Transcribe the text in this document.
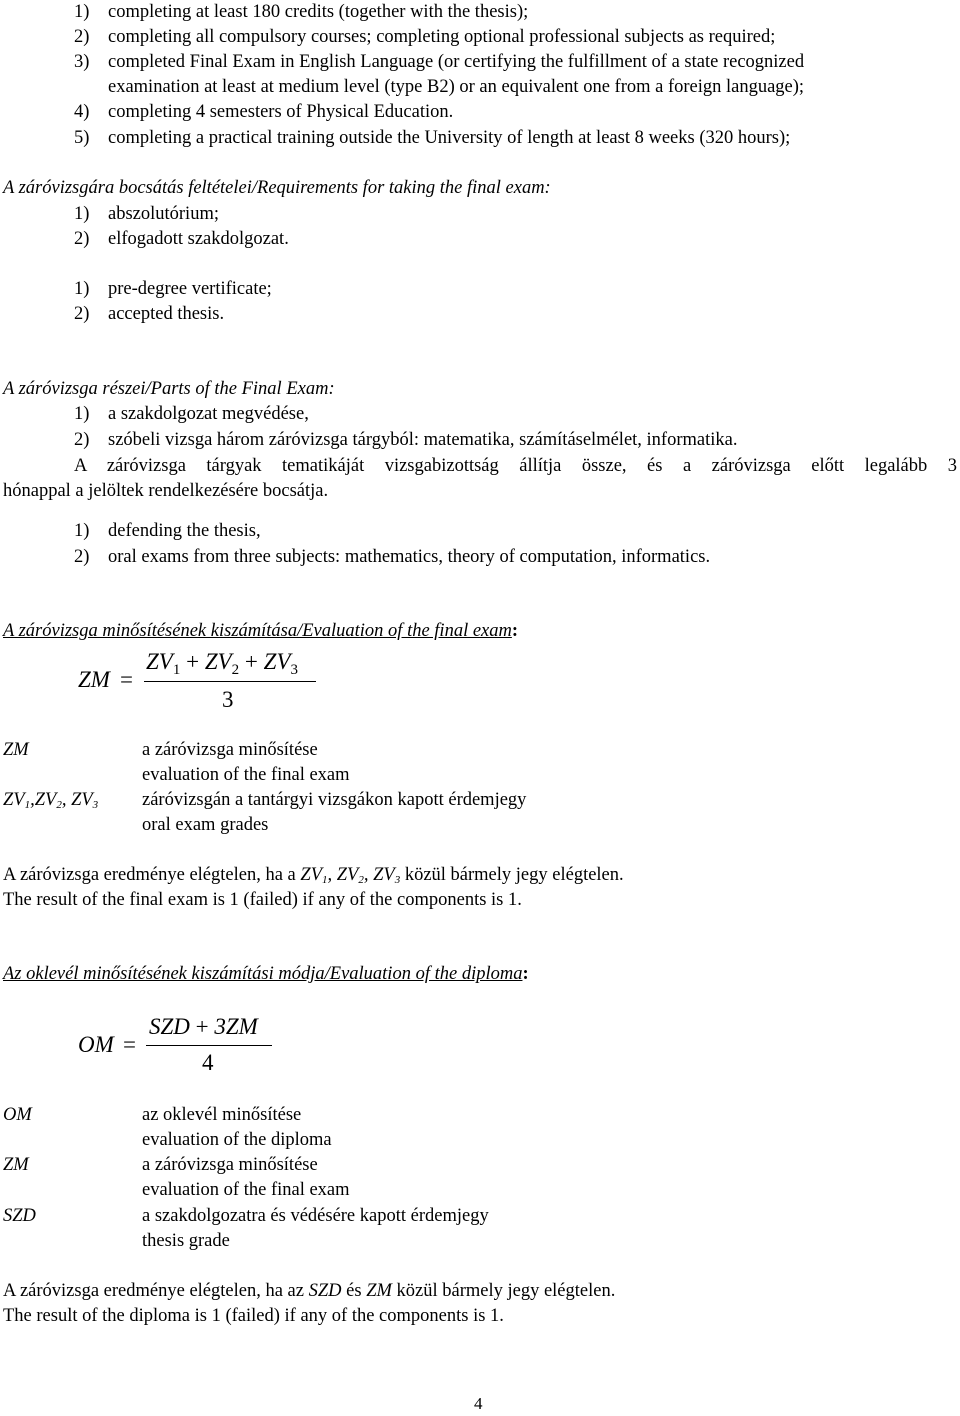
1) completing at least 180 credits (together with the thesis);
2) completing all compulsory courses; completing optional professional subjects as required;
3) completed Final Exam in English Language (or certifying the fulfillment of a state recognized
examination at least at medium level (type B2) or an equivalent one from a foreign language);
4) completing 4 semesters of Physical Education.
5) completing a practical training outside the University of length at least 8 weeks (320 hours);
A záróvizsgára bocsátás feltételei/Requirements for taking the final exam:
1) abszolutórium;
2) elfogadott szakdolgozat.
1) pre-degree vertificate;
2) accepted thesis.
A záróvizsga részei/Parts of the Final Exam:
1) a szakdolgozat megvédése,
2) szóbeli vizsga három záróvizsga tárgyból: matematika, számításelmélet, informatika.
A záróvizsga tárgyak tematikáját vizsgabizottság állítja össze, és a záróvizsga előtt legalább 3
hónappal a jelöltek rendelkezésére bocsátja.
1) defending the thesis,
2) oral exams from three subjects: mathematics, theory of computation, informatics.
A záróvizsga minősítésének kiszámítása/Evaluation of the final exam:
ZM =
$ZV_1 + ZV_2 + ZV_3$
3
ZM	a záróvizsga minősítése
evaluation of the final exam
$ZV_1,ZV_2$, $ZV_3$ záróvizsgán a tantárgyi vizsgákon kapott érdemjegy
oral exam grades
A záróvizsga eredménye elégtelen, ha a $ZV_1$, $ZV_2$, $ZV_3$ közül bármely jegy elégtelen.
The result of the final exam is 1 (failed) if any of the components is 1.
Az oklevél minősítésének kiszámítási módja/Evaluation of the diploma:
OM =
SZD + 3ZM
4
OM	az oklevél minősítése
evaluation of the diploma
ZM	a záróvizsga minősítése
evaluation of the final exam
SZD	a szakdolgozatra és védésére kapott érdemjegy
thesis grade
A záróvizsga eredménye elégtelen, ha az SZD és ZM közül bármely jegy elégtelen.
The result of the diploma is 1 (failed) if any of the components is 1.
4
